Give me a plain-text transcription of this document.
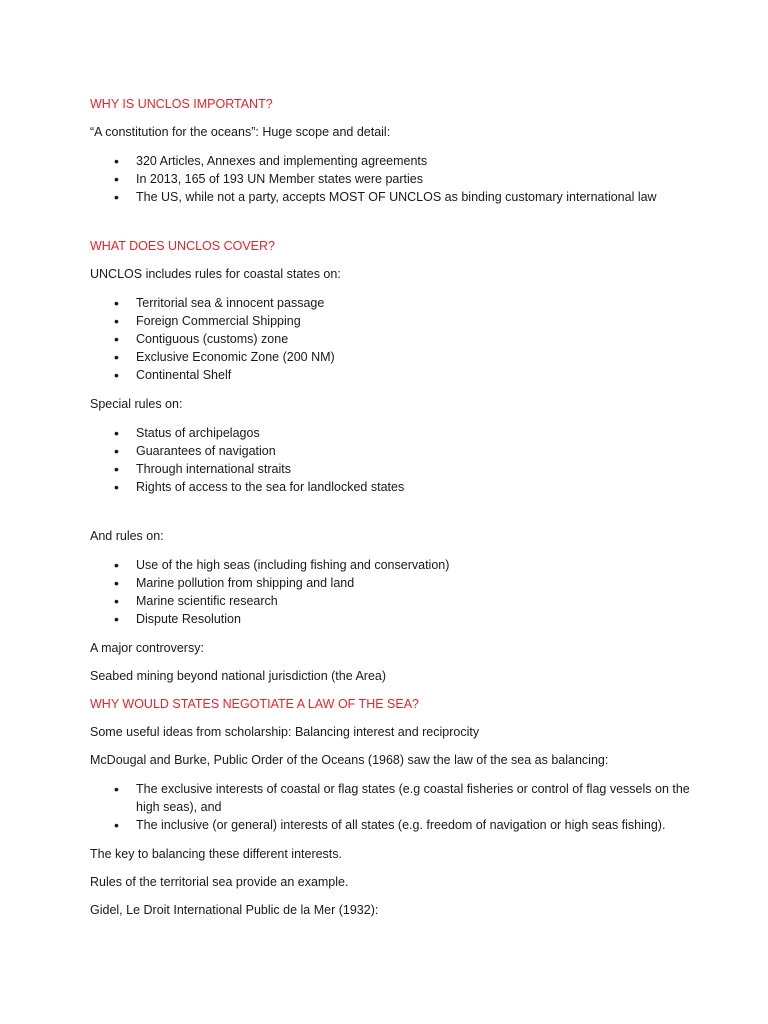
WHY IS UNCLOS IMPORTANT?

“A constitution for the oceans”: Huge scope and detail:

• 320 Articles, Annexes and implementing agreements
• In 2013, 165 of 193 UN Member states were parties
• The US, while not a party, accepts MOST OF UNCLOS as binding customary international law

WHAT DOES UNCLOS COVER?

UNCLOS includes rules for coastal states on:

• Territorial sea & innocent passage
• Foreign Commercial Shipping
• Contiguous (customs) zone
• Exclusive Economic Zone (200 NM)
• Continental Shelf

Special rules on:

• Status of archipelagos
• Guarantees of navigation
• Through international straits
• Rights of access to the sea for landlocked states

And rules on:

• Use of the high seas (including fishing and conservation)
• Marine pollution from shipping and land
• Marine scientific research
• Dispute Resolution

A major controversy:

Seabed mining beyond national jurisdiction (the Area)

WHY WOULD STATES NEGOTIATE A LAW OF THE SEA?

Some useful ideas from scholarship: Balancing interest and reciprocity

McDougal and Burke, Public Order of the Oceans (1968) saw the law of the sea as balancing:

• The exclusive interests of coastal or flag states (e.g coastal fisheries or control of flag vessels on the high seas), and
• The inclusive (or general) interests of all states (e.g. freedom of navigation or high seas fishing).

The key to balancing these different interests.

Rules of the territorial sea provide an example.

Gidel, Le Droit International Public de la Mer (1932):
